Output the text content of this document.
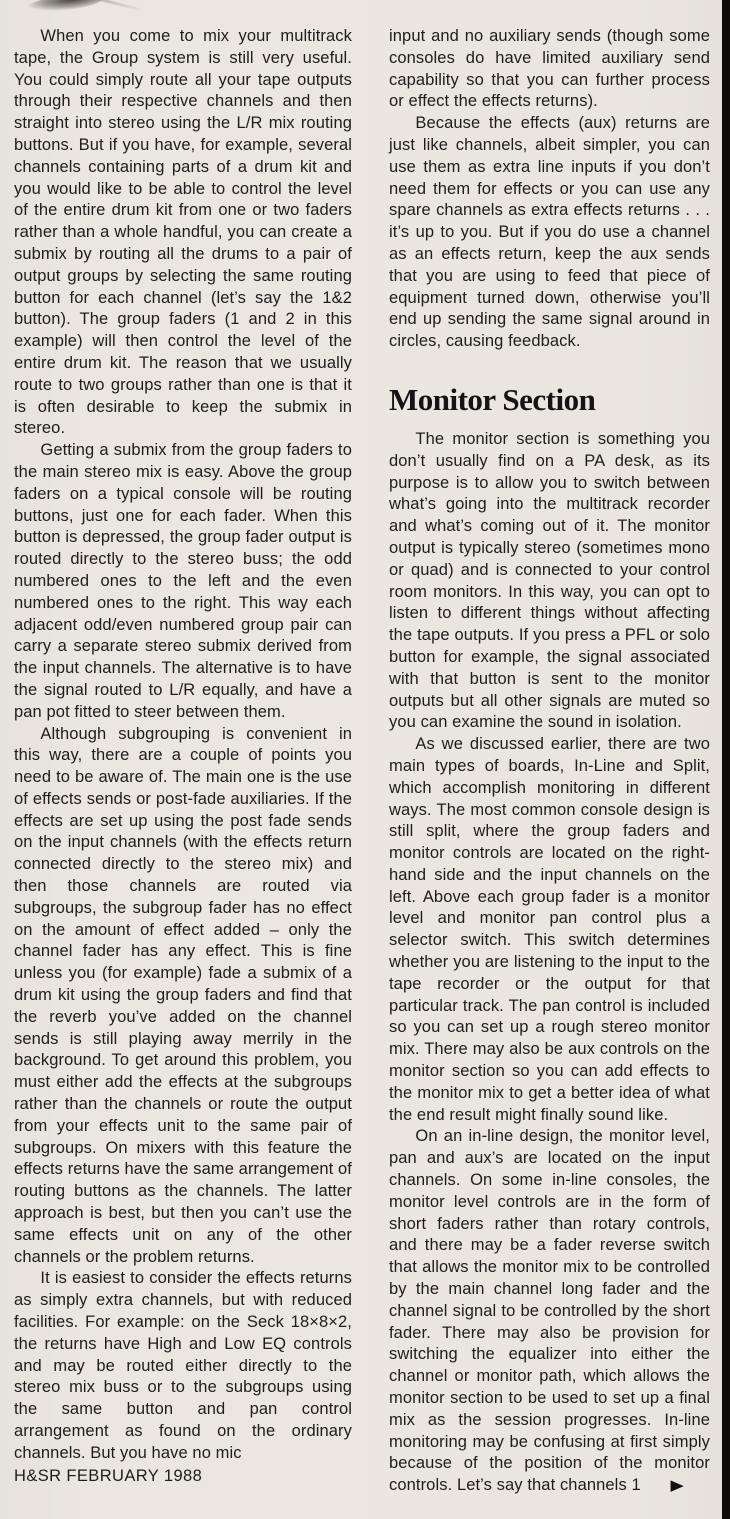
When you come to mix your multitrack tape, the Group system is still very useful. You could simply route all your tape outputs through their respective channels and then straight into stereo using the L/R mix routing buttons. But if you have, for example, several channels containing parts of a drum kit and you would like to be able to control the level of the entire drum kit from one or two faders rather than a whole handful, you can create a submix by routing all the drums to a pair of output groups by selecting the same routing button for each channel (let’s say the 1&2 button). The group faders (1 and 2 in this example) will then control the level of the entire drum kit. The reason that we usually route to two groups rather than one is that it is often desirable to keep the submix in stereo.

Getting a submix from the group faders to the main stereo mix is easy. Above the group faders on a typical console will be routing buttons, just one for each fader. When this button is depressed, the group fader output is routed directly to the stereo buss; the odd numbered ones to the left and the even numbered ones to the right. This way each adjacent odd/even numbered group pair can carry a separate stereo submix derived from the input channels. The alternative is to have the signal routed to L/R equally, and have a pan pot fitted to steer between them.

Although subgrouping is convenient in this way, there are a couple of points you need to be aware of. The main one is the use of effects sends or post-fade auxiliaries. If the effects are set up using the post fade sends on the input channels (with the effects return connected directly to the stereo mix) and then those channels are routed via subgroups, the subgroup fader has no effect on the amount of effect added – only the channel fader has any effect. This is fine unless you (for example) fade a submix of a drum kit using the group faders and find that the reverb you’ve added on the channel sends is still playing away merrily in the background. To get around this problem, you must either add the effects at the subgroups rather than the channels or route the output from your effects unit to the same pair of subgroups. On mixers with this feature the effects returns have the same arrangement of routing buttons as the channels. The latter approach is best, but then you can’t use the same effects unit on any of the other channels or the problem returns.

It is easiest to consider the effects returns as simply extra channels, but with reduced facilities. For example: on the Seck 18×8×2, the returns have High and Low EQ controls and may be routed either directly to the stereo mix buss or to the subgroups using the same button and pan control arrangement as found on the ordinary channels. But you have no mic

H&SR FEBRUARY 1988

input and no auxiliary sends (though some consoles do have limited auxiliary send capability so that you can further process or effect the effects returns).

Because the effects (aux) returns are just like channels, albeit simpler, you can use them as extra line inputs if you don’t need them for effects or you can use any spare channels as extra effects returns . . . it’s up to you. But if you do use a channel as an effects return, keep the aux sends that you are using to feed that piece of equipment turned down, otherwise you’ll end up sending the same signal around in circles, causing feedback.

Monitor Section

The monitor section is something you don’t usually find on a PA desk, as its purpose is to allow you to switch between what’s going into the multitrack recorder and what’s coming out of it. The monitor output is typically stereo (sometimes mono or quad) and is connected to your control room monitors. In this way, you can opt to listen to different things without affecting the tape outputs. If you press a PFL or solo button for example, the signal associated with that button is sent to the monitor outputs but all other signals are muted so you can examine the sound in isolation.

As we discussed earlier, there are two main types of boards, In-Line and Split, which accomplish monitoring in different ways. The most common console design is still split, where the group faders and monitor controls are located on the right-hand side and the input channels on the left. Above each group fader is a monitor level and monitor pan control plus a selector switch. This switch determines whether you are listening to the input to the tape recorder or the output for that particular track. The pan control is included so you can set up a rough stereo monitor mix. There may also be aux controls on the monitor section so you can add effects to the monitor mix to get a better idea of what the end result might finally sound like.

On an in-line design, the monitor level, pan and aux’s are located on the input channels. On some in-line consoles, the monitor level controls are in the form of short faders rather than rotary controls, and there may be a fader reverse switch that allows the monitor mix to be controlled by the main channel long fader and the channel signal to be controlled by the short fader. There may also be provision for switching the equalizer into either the channel or monitor path, which allows the monitor section to be used to set up a final mix as the session progresses. In-line monitoring may be confusing at first simply because of the position of the monitor controls. Let’s say that channels 1 ▶
